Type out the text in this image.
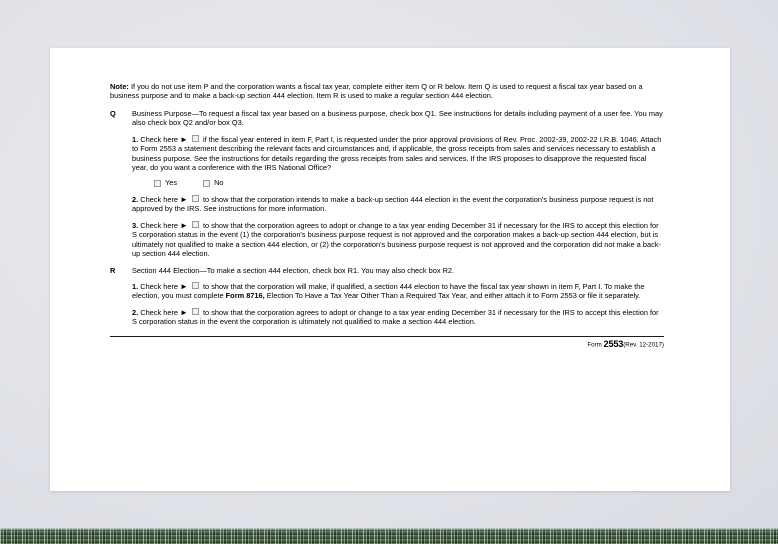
Note: If you do not use item P and the corporation wants a fiscal tax year, complete either item Q or R below. Item Q is used to request a fiscal tax year based on a business purpose and to make a back-up section 444 election. Item R is used to make a regular section 444 election.

Q	Business Purpose—To request a fiscal tax year based on a business purpose, check box Q1. See instructions for details including payment of a user fee. You may also check box Q2 and/or box Q3.

1. Check here ► if the fiscal year entered in item F, Part I, is requested under the prior approval provisions of Rev. Proc. 2002-39, 2002-22 I.R.B. 1046. Attach to Form 2553 a statement describing the relevant facts and circumstances and, if applicable, the gross receipts from sales and services necessary to establish a business purpose. See the instructions for details regarding the gross receipts from sales and services. If the IRS proposes to disapprove the requested fiscal year, do you want a conference with the IRS National Office?

Yes	No

2. Check here ► to show that the corporation intends to make a back-up section 444 election in the event the corporation's business purpose request is not approved by the IRS. See instructions for more information.

3. Check here ► to show that the corporation agrees to adopt or change to a tax year ending December 31 if necessary for the IRS to accept this election for S corporation status in the event (1) the corporation's business purpose request is not approved and the corporation makes a back-up section 444 election, but is ultimately not qualified to make a section 444 election, or (2) the corporation's business purpose request is not approved and the corporation did not make a back-up section 444 election.

R	Section 444 Election—To make a section 444 election, check box R1. You may also check box R2.

1. Check here ► to show that the corporation will make, if qualified, a section 444 election to have the fiscal tax year shown in item F, Part I. To make the election, you must complete Form 8716, Election To Have a Tax Year Other Than a Required Tax Year, and either attach it to Form 2553 or file it separately.

2. Check here ► to show that the corporation agrees to adopt or change to a tax year ending December 31 if necessary for the IRS to accept this election for S corporation status in the event the corporation is ultimately not qualified to make a section 444 election.

Form 2553(Rev. 12-2017)
